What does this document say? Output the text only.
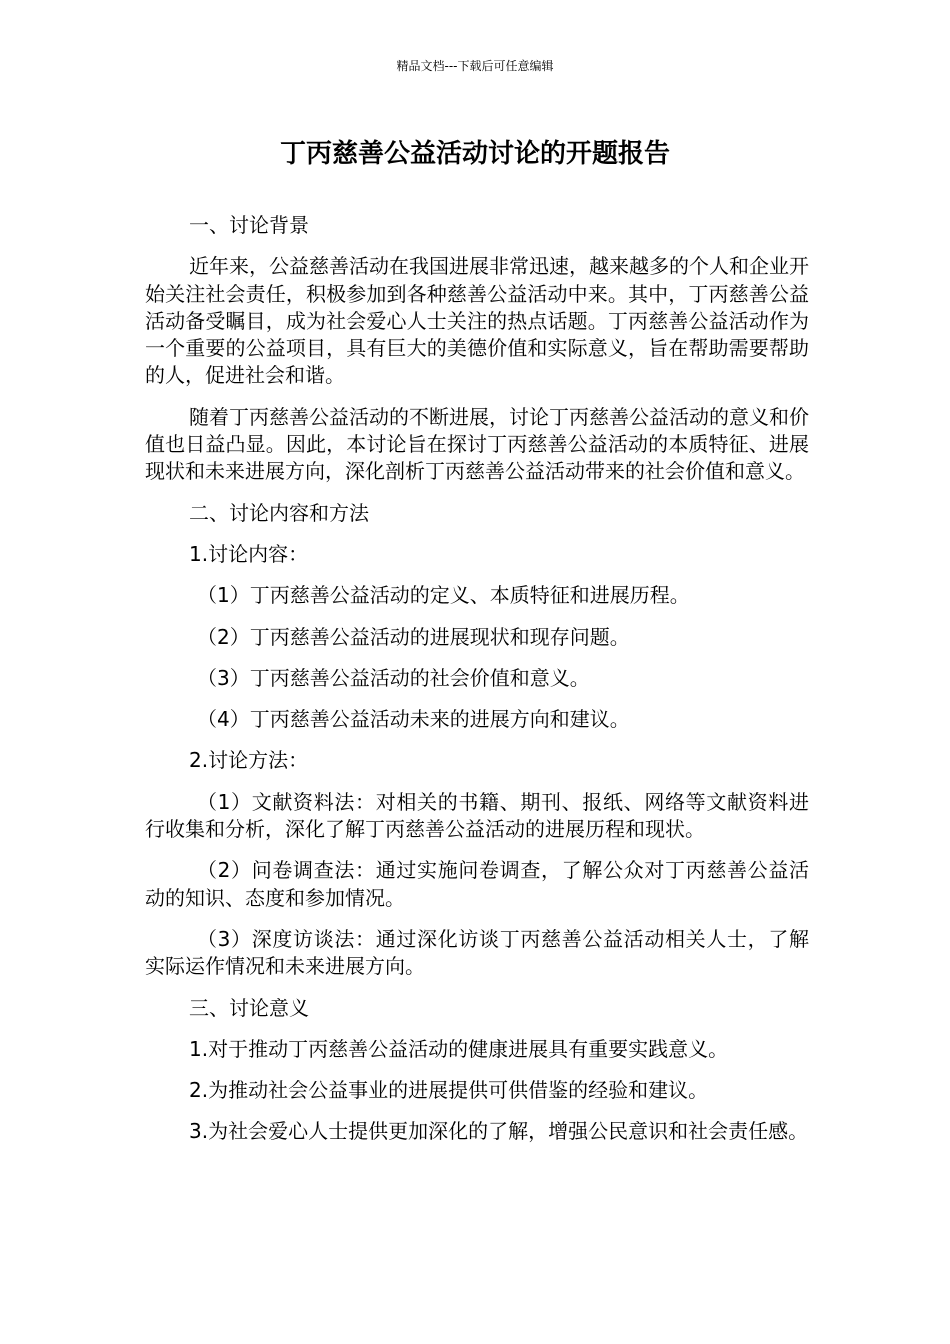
精品文档---下载后可任意编辑
丁丙慈善公益活动讨论的开题报告
一、讨论背景
近年来，公益慈善活动在我国进展非常迅速，越来越多的个人和企业开始关注社会责任，积极参加到各种慈善公益活动中来。其中，丁丙慈善公益活动备受瞩目，成为社会爱心人士关注的热点话题。丁丙慈善公益活动作为一个重要的公益项目，具有巨大的美德价值和实际意义，旨在帮助需要帮助的人，促进社会和谐。
随着丁丙慈善公益活动的不断进展，讨论丁丙慈善公益活动的意义和价值也日益凸显。因此，本讨论旨在探讨丁丙慈善公益活动的本质特征、进展现状和未来进展方向，深化剖析丁丙慈善公益活动带来的社会价值和意义。
二、讨论内容和方法
1.讨论内容：
（1）丁丙慈善公益活动的定义、本质特征和进展历程。
（2）丁丙慈善公益活动的进展现状和现存问题。
（3）丁丙慈善公益活动的社会价值和意义。
（4）丁丙慈善公益活动未来的进展方向和建议。
2.讨论方法：
（1）文献资料法：对相关的书籍、期刊、报纸、网络等文献资料进行收集和分析，深化了解丁丙慈善公益活动的进展历程和现状。
（2）问卷调查法：通过实施问卷调查，了解公众对丁丙慈善公益活动的知识、态度和参加情况。
（3）深度访谈法：通过深化访谈丁丙慈善公益活动相关人士，了解实际运作情况和未来进展方向。
三、讨论意义
1.对于推动丁丙慈善公益活动的健康进展具有重要实践意义。
2.为推动社会公益事业的进展提供可供借鉴的经验和建议。
3.为社会爱心人士提供更加深化的了解，增强公民意识和社会责任感。
